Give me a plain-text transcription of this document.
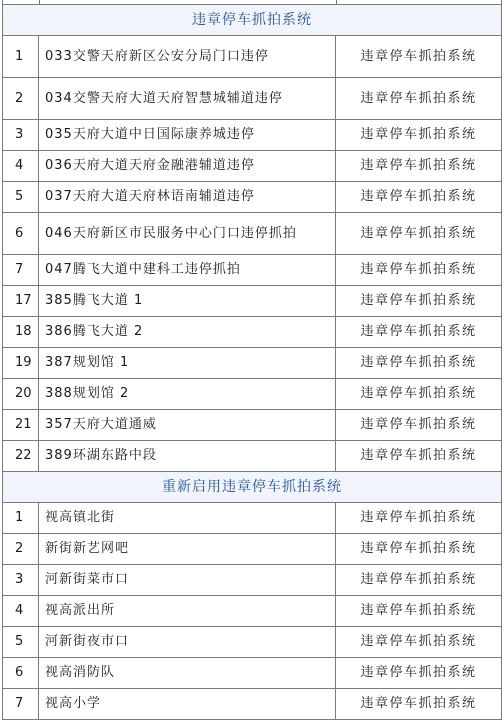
违章停车抓拍系统
1	033交警天府新区公安分局门口违停	违章停车抓拍系统
2	034交警天府大道天府智慧城辅道违停	违章停车抓拍系统
3	035天府大道中日国际康养城违停	违章停车抓拍系统
4	036天府大道天府金融港辅道违停	违章停车抓拍系统
5	037天府大道天府林语南辅道违停	违章停车抓拍系统
6	046天府新区市民服务中心门口违停抓拍	违章停车抓拍系统
7	047腾飞大道中建科工违停抓拍	违章停车抓拍系统
17	385腾飞大道 1	违章停车抓拍系统
18	386腾飞大道 2	违章停车抓拍系统
19	387规划馆 1	违章停车抓拍系统
20	388规划馆 2	违章停车抓拍系统
21	357天府大道通威	违章停车抓拍系统
22	389环湖东路中段	违章停车抓拍系统
重新启用违章停车抓拍系统
1	视高镇北街	违章停车抓拍系统
2	新街新艺网吧	违章停车抓拍系统
3	河新街菜市口	违章停车抓拍系统
4	视高派出所	违章停车抓拍系统
5	河新街夜市口	违章停车抓拍系统
6	视高消防队	违章停车抓拍系统
7	视高小学	违章停车抓拍系统
